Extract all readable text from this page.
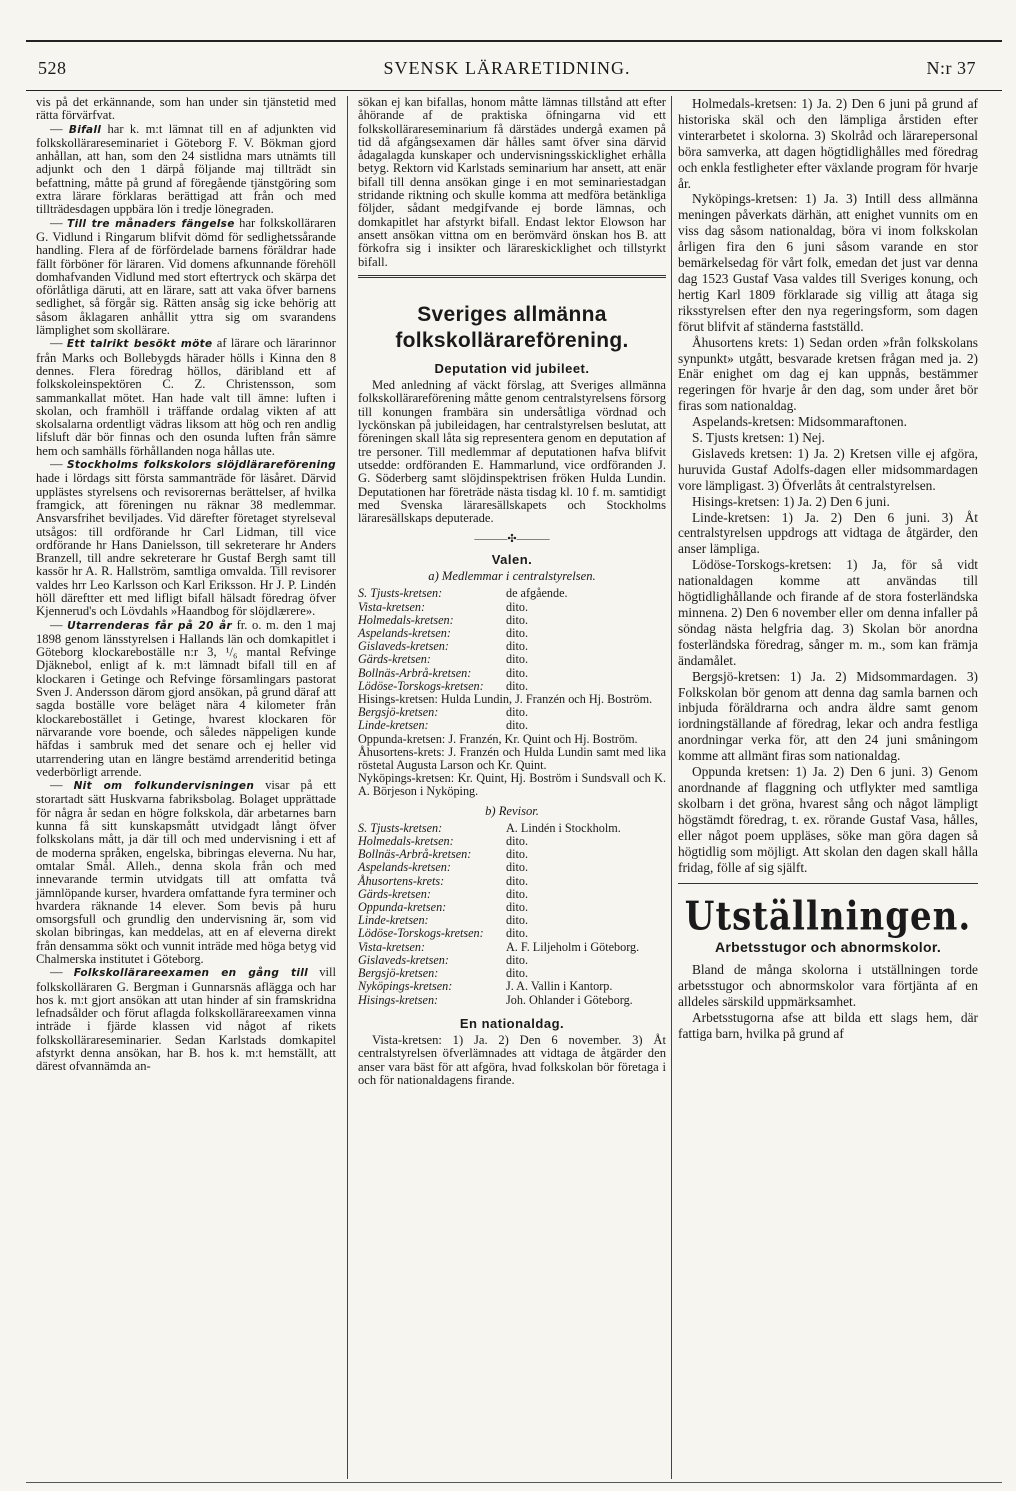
528	SVENSK LÄRARETIDNING.	N:r 37

vis på det erkännande, som han under sin tjänstetid med rätta förvärfvat.

— Bifall har k. m:t lämnat till en af adjunkten vid folkskollärareseminariet i Göteborg F. V. Bökman gjord anhållan, att han, som den 24 sistlidna mars utnämts till adjunkt och den 1 därpå följande maj tillträdt sin befattning, måtte på grund af föregående tjänstgöring som extra lärare förklaras berättigad att från och med tillträdesdagen uppbära lön i tredje lönegraden.

— Till tre månaders fängelse har folkskolläraren G. Vidlund i Ringarum blifvit dömd för sedlighetssårande handling. Flera af de förfördelade barnens föräldrar hade fällt förböner för läraren. Vid domens afkunnande förehöll domhafvanden Vidlund med stort eftertryck och skärpa det oförlåtliga däruti, att en lärare, satt att vaka öfver barnens sedlighet, så förgår sig. Rätten ansåg sig icke behörig att såsom åklagaren anhållit yttra sig om svarandens lämplighet som skollärare.

— Ett talrikt besökt möte af lärare och lärarinnor från Marks och Bollebygds härader hölls i Kinna den 8 dennes. Flera föredrag höllos, däribland ett af folkskoleinspektören C. Z. Christensson, som sammankallat mötet. Han hade valt till ämne: luften i skolan, och framhöll i träffande ordalag vikten af att skolsalarna ordentligt vädras liksom att hög och ren andlig lifsluft där bör finnas och den osunda luften från sämre hem och samhälls förhållanden noga hållas ute.

— Stockholms folkskolors slöjdlärareförening hade i lördags sitt första sammanträde för läsåret. Därvid upplästes styrelsens och revisorernas berättelser, af hvilka framgick, att föreningen nu räknar 38 medlemmar. Ansvarsfrihet beviljades. Vid därefter företaget styrelseval utsågos: till ordförande hr Carl Lidman, till vice ordförande hr Hans Danielsson, till sekreterare hr Anders Branzell, till andre sekreterare hr Gustaf Bergh samt till kassör hr A. R. Hallström, samtliga omvalda. Till revisorer valdes hrr Leo Karlsson och Karl Eriksson. Hr J. P. Lindén höll däreftter ett med lifligt bifall hälsadt föredrag öfver Kjennerud's och Lövdahls »Haandbog för slöjdlærere».

— Utarrenderas får på 20 år fr. o. m. den 1 maj 1898 genom länsstyrelsen i Hallands län och domkapitlet i Göteborg klockareboställe n:r 3, ¹/₆ mantal Refvinge Djäknebol, enligt af k. m:t lämnadt bifall till en af klockaren i Getinge och Refvinge församlingars pastorat Sven J. Andersson därom gjord ansökan, på grund däraf att sagda boställe vore beläget nära 4 kilometer från klockarebostället i Getinge, hvarest klockaren för närvarande vore boende, och således näppeligen kunde häfdas i sambruk med det senare och ej heller vid utarrendering utan en längre bestämd arrenderitid betinga vederbörligt arrende.

— Nit om folkundervisningen visar på ett storartadt sätt Huskvarna fabriksbolag. Bolaget upprättade för några år sedan en högre folkskola, där arbetarnes barn kunna få sitt kunskapsmått utvidgadt långt öfver folkskolans mått, ja där till och med undervisning i ett af de moderna språken, engelska, bibringas eleverna. Nu har, omtalar Smål. Alleh., denna skola från och med innevarande termin utvidgats till att omfatta två jämnlöpande kurser, hvardera omfattande fyra terminer och hvardera räknande 14 elever. Som bevis på huru omsorgsfull och grundlig den undervisning är, som vid skolan bibringas, kan meddelas, att en af eleverna direkt från densamma sökt och vunnit inträde med höga betyg vid Chalmerska institutet i Göteborg.

— Folkskollärareexamen en gång till vill folkskolläraren G. Bergman i Gunnarsnäs aflägga och har hos k. m:t gjort ansökan att utan hinder af sin framskridna lefnadsålder och förut aflagda folkskollärareexamen vinna inträde i fjärde klassen vid något af rikets folkskollärareseminarier. Sedan Karlstads domkapitel afstyrkt denna ansökan, har B. hos k. m:t hemställt, att därest ofvannämda an-

sökan ej kan bifallas, honom måtte lämnas tillstånd att efter åhörande af de praktiska öfningarna vid ett folkskollärareseminarium få därstädes undergå examen på tid då afgångsexamen där hålles samt öfver sina därvid ådagalagda kunskaper och undervisningsskicklighet erhålla betyg. Rektorn vid Karlstads seminarium har ansett, att enär bifall till denna ansökan ginge i en mot seminariestadgan stridande riktning och skulle komma att medföra betänkliga följder, sådant medgifvande ej borde lämnas, och domkapitlet har afstyrkt bifall. Endast lektor Elowson har ansett ansökan vittna om en berömvärd önskan hos B. att förkofra sig i insikter och lärareskicklighet och tillstyrkt bifall.

Sveriges allmänna folkskollärareförening.
Deputation vid jubileet.

Med anledning af väckt förslag, att Sveriges allmänna folkskollärareförening måtte genom centralstyrelsens försorg till konungen frambära sin undersåtliga vördnad och lyckönskan på jubileidagen, har centralstyrelsen beslutat, att föreningen skall låta sig representera genom en deputation af tre personer. Till medlemmar af deputationen hafva blifvit utsedde: ordföranden E. Hammarlund, vice ordföranden J. G. Söderberg samt slöjdinspektrisen fröken Hulda Lundin. Deputationen har företräde nästa tisdag kl. 10 f. m. samtidigt med Svenska läraresällskapets och Stockholms läraresällskaps deputerade.

———✣———
Valen.
a) Medlemmar i centralstyrelsen.
S. Tjusts-kretsen:	de afgående.
Vista-kretsen:	dito.
Holmedals-kretsen:	dito.
Aspelands-kretsen:	dito.
Gislaveds-kretsen:	dito.
Gärds-kretsen:	dito.
Bollnäs-Arbrå-kretsen:	dito.
Lödöse-Torskogs-kretsen:	dito.
Hisings-kretsen: Hulda Lundin, J. Franzén och Hj. Boström.
Bergsjö-kretsen:	dito.
Linde-kretsen:	dito.
Oppunda-kretsen: J. Franzén, Kr. Quint och Hj. Boström.
Åhusortens-krets: J. Franzén och Hulda Lundin samt med lika röstetal Augusta Larson och Kr. Quint.
Nyköpings-kretsen: Kr. Quint, Hj. Boström i Sundsvall och K. A. Börjeson i Nyköping.
b) Revisor.
S. Tjusts-kretsen:	A. Lindén i Stockholm.
Holmedals-kretsen:	dito.
Bollnäs-Arbrå-kretsen:	dito.
Aspelands-kretsen:	dito.
Åhusortens-krets:	dito.
Gärds-kretsen:	dito.
Oppunda-kretsen:	dito.
Linde-kretsen:	dito.
Lödöse-Torskogs-kretsen:	dito.
Vista-kretsen:	A. F. Liljeholm i Göteborg.
Gislaveds-kretsen:	dito.
Bergsjö-kretsen:	dito.
Nyköpings-kretsen:	J. A. Vallin i Kantorp.
Hisings-kretsen:	Joh. Ohlander i Göteborg.
En nationaldag.

Vista-kretsen: 1) Ja. 2) Den 6 november. 3) Åt centralstyrelsen öfverlämnades att vidtaga de åtgärder den anser vara bäst för att afgöra, hvad folkskolan bör företaga i och för nationaldagens firande.

Holmedals-kretsen: 1) Ja. 2) Den 6 juni på grund af historiska skäl och den lämpliga årstiden efter vinterarbetet i skolorna. 3) Skolråd och lärarepersonal böra samverka, att dagen högtidlighålles med föredrag och enkla festligheter efter växlande program för hvarje år.

Nyköpings-kretsen: 1) Ja. 3) Intill dess allmänna meningen påverkats därhän, att enighet vunnits om en viss dag såsom nationaldag, böra vi inom folkskolan årligen fira den 6 juni såsom varande en stor bemärkelsedag för vårt folk, emedan det just var denna dag 1523 Gustaf Vasa valdes till Sveriges konung, och hertig Karl 1809 förklarade sig villig att åtaga sig riksstyrelsen efter den nya regeringsform, som dagen förut blifvit af ständerna fastställd.

Åhusortens krets: 1) Sedan orden »från folkskolans synpunkt» utgått, besvarade kretsen frågan med ja. 2) Enär enighet om dag ej kan uppnås, bestämmer regeringen för hvarje år den dag, som under året bör firas som nationaldag.

Aspelands-kretsen: Midsommaraftonen.

S. Tjusts kretsen: 1) Nej.

Gislaveds kretsen: 1) Ja. 2) Kretsen ville ej afgöra, huruvida Gustaf Adolfs-dagen eller midsommardagen vore lämpligast. 3) Öfverlåts åt centralstyrelsen.

Hisings-kretsen: 1) Ja. 2) Den 6 juni.

Linde-kretsen: 1) Ja. 2) Den 6 juni. 3) Åt centralstyrelsen uppdrogs att vidtaga de åtgärder, den anser lämpliga.

Lödöse-Torskogs-kretsen: 1) Ja, för så vidt nationaldagen komme att användas till högtidlighållande och firande af de stora fosterländska minnena. 2) Den 6 november eller om denna infaller på söndag nästa helgfria dag. 3) Skolan bör anordna fosterländska föredrag, sånger m. m., som kan främja ändamålet.

Bergsjö-kretsen: 1) Ja. 2) Midsommardagen. 3) Folkskolan bör genom att denna dag samla barnen och inbjuda föräldrarna och andra äldre samt genom iordningställande af föredrag, lekar och andra festliga anordningar verka för, att den 24 juni småningom komme att allmänt firas som nationaldag.

Oppunda kretsen: 1) Ja. 2) Den 6 juni. 3) Genom anordnande af flaggning och utflykter med samtliga skolbarn i det gröna, hvarest sång och något lämpligt högstämdt föredrag, t. ex. rörande Gustaf Vasa, hålles, eller något poem uppläses, söke man göra dagen så högtidlig som möjligt. Att skolan den dagen skall hålla fridag, fölle af sig själft.

Utställningen.
Arbetsstugor och abnormskolor.

Bland de många skolorna i utställningen torde arbetsstugor och abnormskolor vara förtjänta af en alldeles särskild uppmärksamhet.

Arbetsstugorna afse att bilda ett slags hem, där fattiga barn, hvilka på grund af
